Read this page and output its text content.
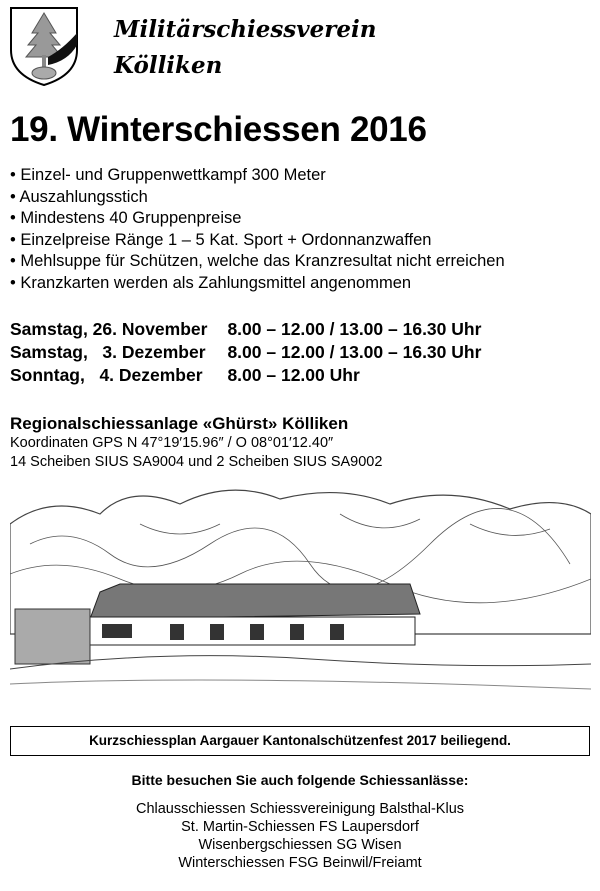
Militärschiessverein
Kölliken
19. Winterschiessen 2016
• Einzel- und Gruppenwettkampf 300 Meter
• Auszahlungsstich
• Mindestens 40 Gruppenpreise
• Einzelpreise Ränge 1 – 5 Kat. Sport + Ordonnanzwaffen
• Mehlsuppe für Schützen, welche das Kranzresultat nicht erreichen
• Kranzkarten werden als Zahlungsmittel angenommen
Samstag, 26. November	8.00 – 12.00 / 13.00 – 16.30 Uhr
Samstag,   3. Dezember	8.00 – 12.00 / 13.00 – 16.30 Uhr
Sonntag,   4. Dezember	8.00 – 12.00 Uhr
Regionalschiessanlage «Ghürst» Kölliken
Koordinaten GPS N 47°19′15.96″ / O 08°01′12.40″
14 Scheiben SIUS SA9004 und 2 Scheiben SIUS SA9002
Kurzschiessplan Aargauer Kantonalschützenfest 2017 beiliegend.
Bitte besuchen Sie auch folgende Schiessanlässe:
Chlausschiessen Schiessvereinigung Balsthal-Klus
St. Martin-Schiessen FS Laupersdorf
Wisenbergschiessen SG Wisen
Winterschiessen FSG Beinwil/Freiamt
